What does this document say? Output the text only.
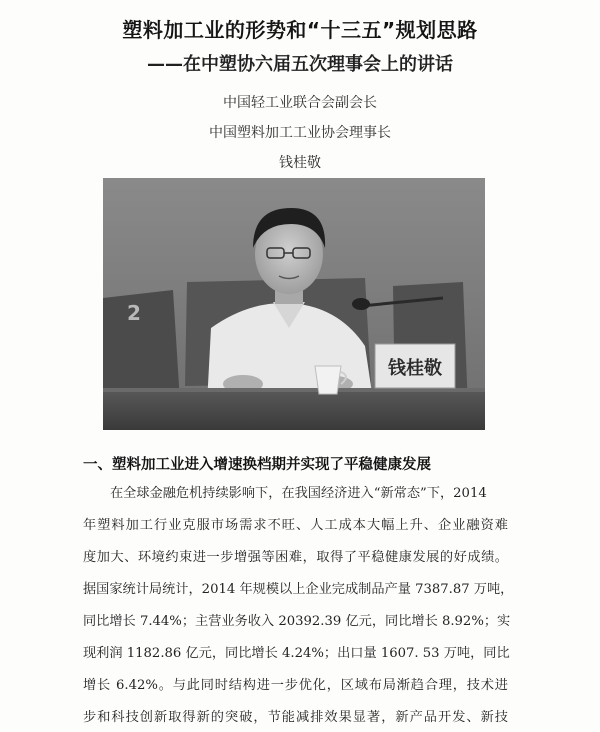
塑料加工业的形势和“十三五”规划思路
——在中塑协六届五次理事会上的讲话
中国轻工业联合会副会长
中国塑料加工工业协会理事长
钱桂敬
2
钱桂敬
一、塑料加工业进入增速换档期并实现了平稳健康发展
在全球金融危机持续影响下，在我国经济进入“新常态”下，2014
年塑料加工行业克服市场需求不旺、人工成本大幅上升、企业融资难
度加大、环境约束进一步增强等困难，取得了平稳健康发展的好成绩。
据国家统计局统计，2014 年规模以上企业完成制品产量 7387.87 万吨，
同比增长 7.44%；主营业务收入 20392.39 亿元，同比增长 8.92%；实
现利润 1182.86 亿元，同比增长 4.24%；出口量 1607. 53 万吨，同比
增长 6.42%。与此同时结构进一步优化，区域布局渐趋合理，技术进
步和科技创新取得新的突破，节能减排效果显著，新产品开发、新技
